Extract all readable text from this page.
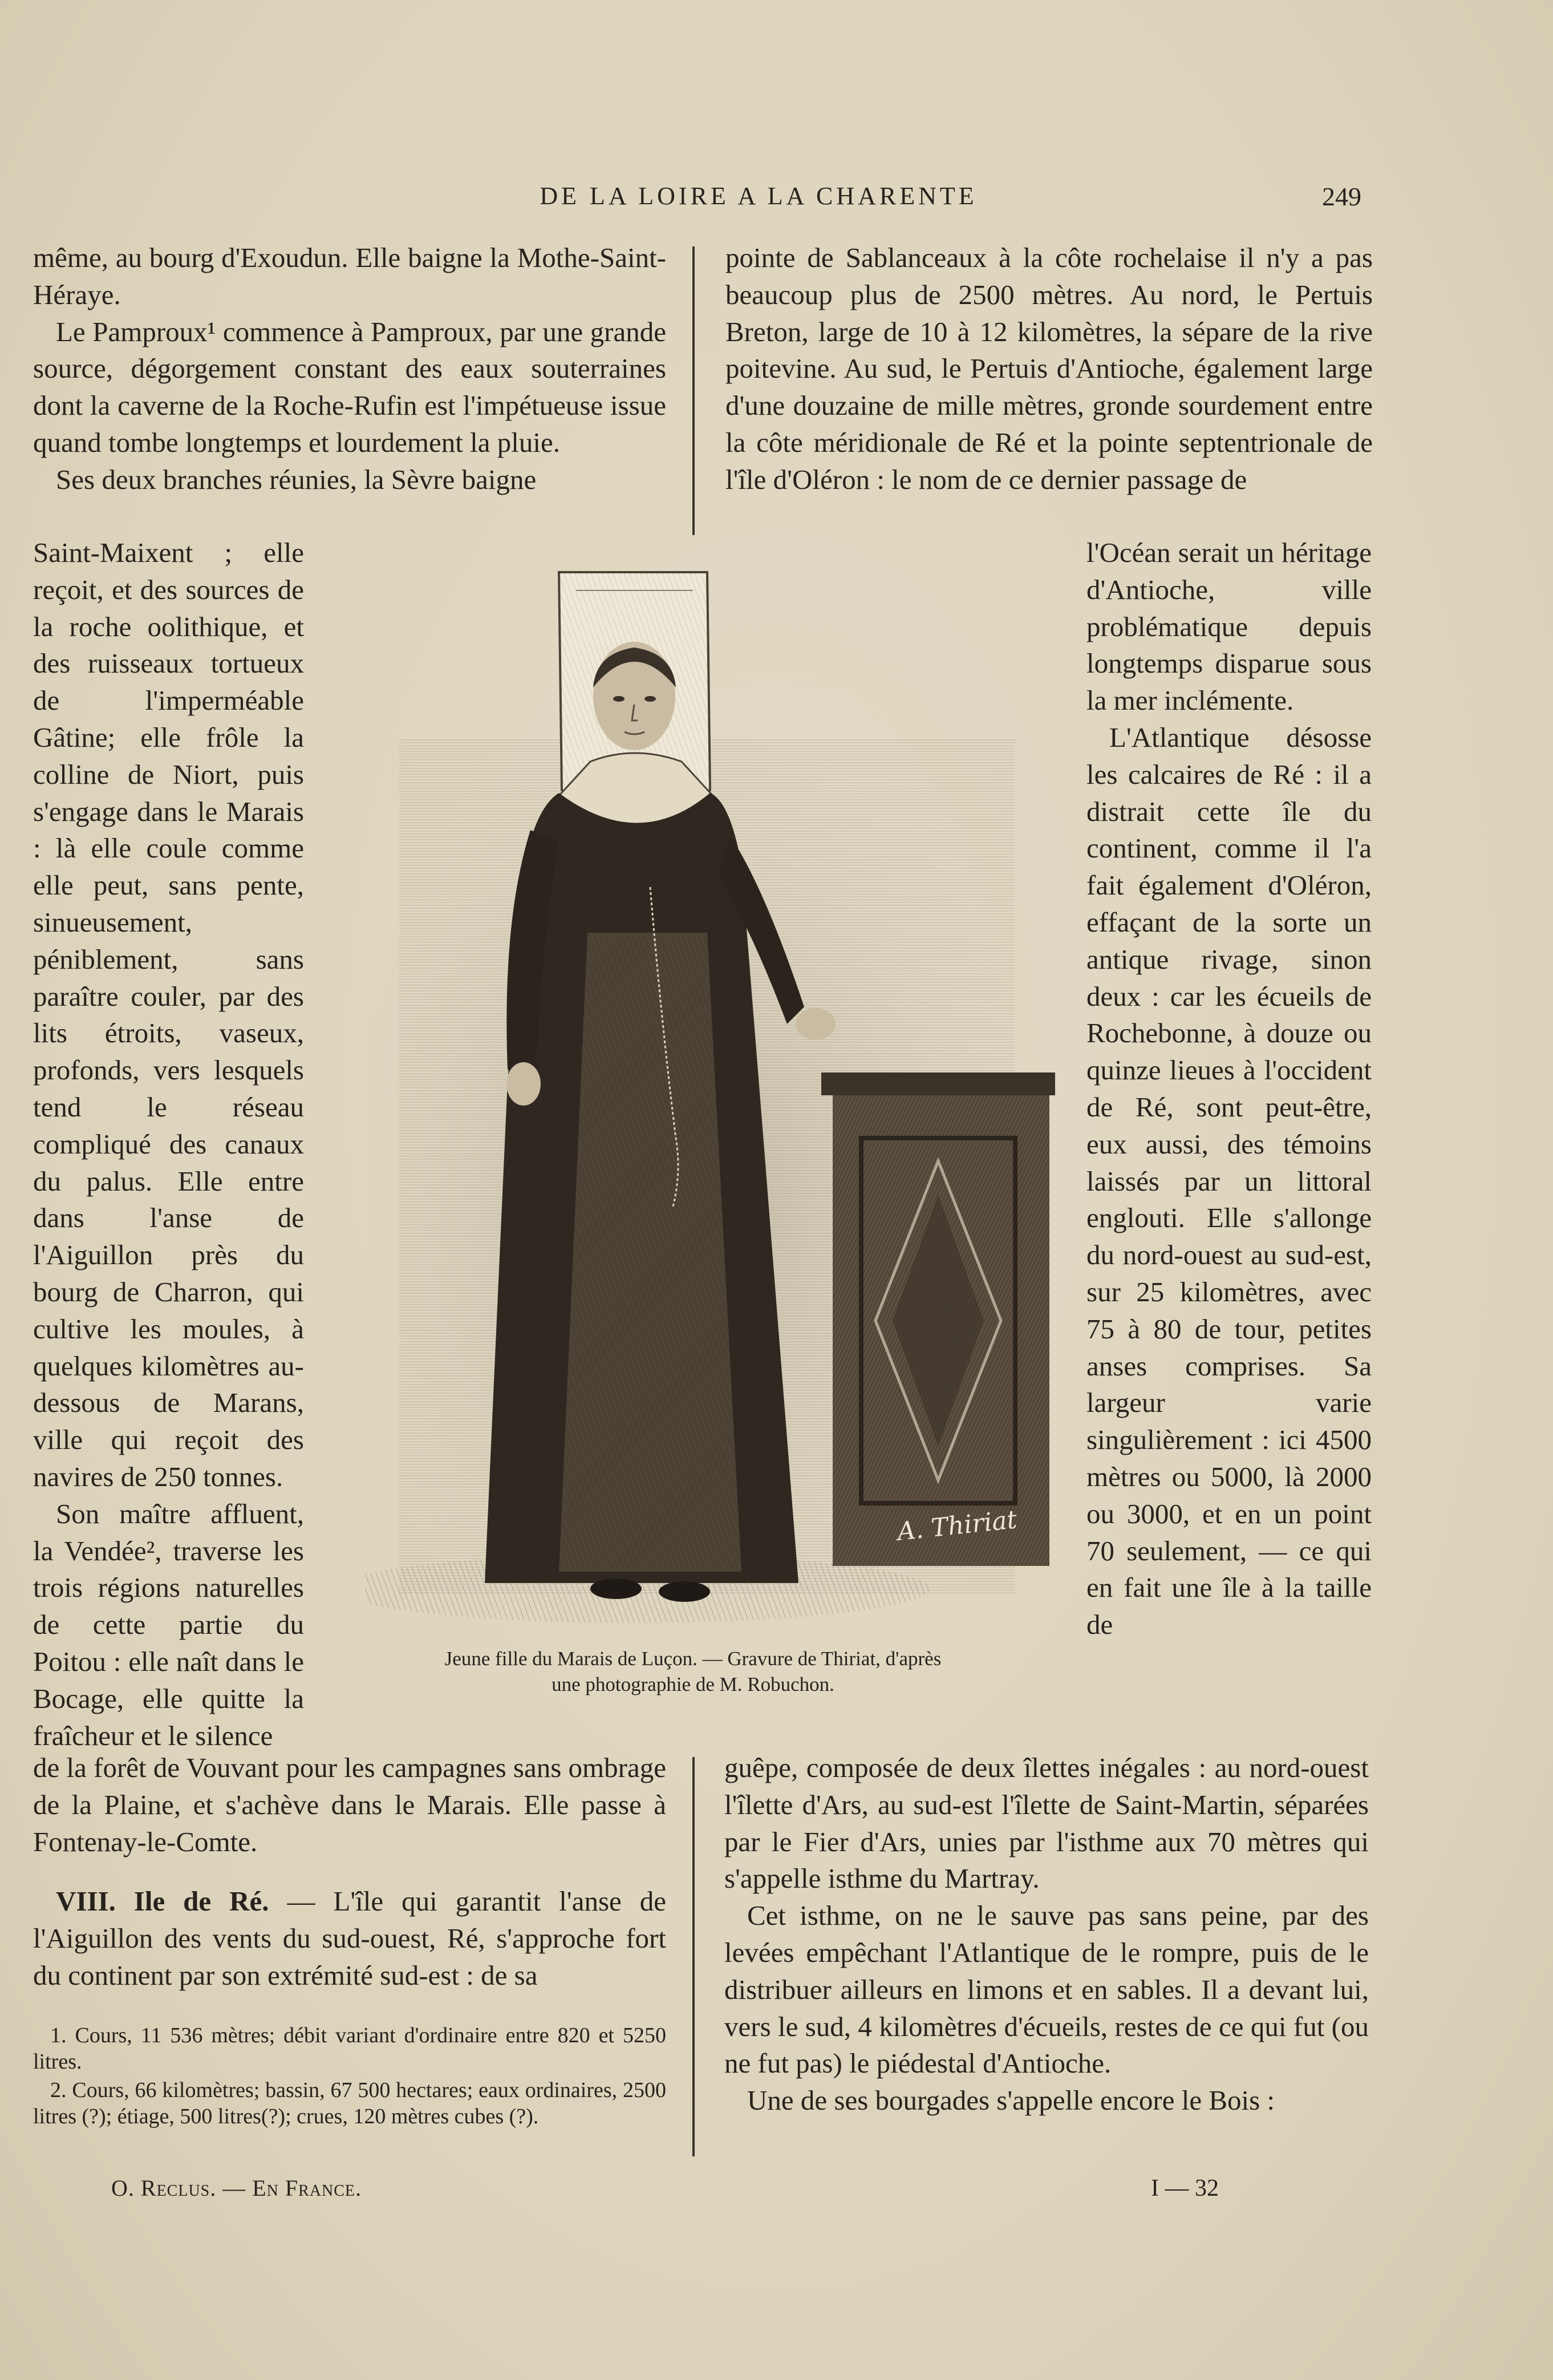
DE LA LOIRE A LA CHARENTE	249

même, au bourg d'Exoudun. Elle baigne la Mothe-Saint-Héraye.

Le Pamproux¹ commence à Pamproux, par une grande source, dégorgement constant des eaux souterraines dont la caverne de la Roche-Rufin est l'impétueuse issue quand tombe longtemps et lourdement la pluie.

Ses deux branches réunies, la Sèvre baigne

Saint-Maixent ; elle reçoit, et des sources de la roche oolithique, et des ruisseaux tortueux de l'imperméable Gâtine; elle frôle la colline de Niort, puis s'engage dans le Marais : là elle coule comme elle peut, sans pente, sinueusement, péniblement, sans paraître couler, par des lits étroits, vaseux, profonds, vers lesquels tend le réseau compliqué des canaux du palus. Elle entre dans l'anse de l'Aiguillon près du bourg de Charron, qui cultive les moules, à quelques kilomètres au-dessous de Marans, ville qui reçoit des navires de 250 tonnes.

Son maître affluent, la Vendée², traverse les trois régions naturelles de cette partie du Poitou : elle naît dans le Bocage, elle quitte la fraîcheur et le silence

de la forêt de Vouvant pour les campagnes sans ombrage de la Plaine, et s'achève dans le Marais. Elle passe à Fontenay-le-Comte.

VIII. Ile de Ré. — L'île qui garantit l'anse de l'Aiguillon des vents du sud-ouest, Ré, s'approche fort du continent par son extrémité sud-est : de sa

1. Cours, 11 536 mètres; débit variant d'ordinaire entre 820 et 5250 litres.

2. Cours, 66 kilomètres; bassin, 67 500 hectares; eaux ordinaires, 2500 litres (?); étiage, 500 litres(?); crues, 120 mètres cubes (?).

pointe de Sablanceaux à la côte rochelaise il n'y a pas beaucoup plus de 2500 mètres. Au nord, le Pertuis Breton, large de 10 à 12 kilomètres, la sépare de la rive poitevine. Au sud, le Pertuis d'Antioche, également large d'une douzaine de mille mètres, gronde sourdement entre la côte méridionale de Ré et la pointe septentrionale de l'île d'Oléron : le nom de ce dernier passage de

l'Océan serait un héritage d'Antioche, ville problématique depuis longtemps disparue sous la mer inclémente.

L'Atlantique désosse les calcaires de Ré : il a distrait cette île du continent, comme il l'a fait également d'Oléron, effaçant de la sorte un antique rivage, sinon deux : car les écueils de Rochebonne, à douze ou quinze lieues à l'occident de Ré, sont peut-être, eux aussi, des témoins laissés par un littoral englouti. Elle s'allonge du nord-ouest au sud-est, sur 25 kilomètres, avec 75 à 80 de tour, petites anses comprises. Sa largeur varie singulièrement : ici 4500 mètres ou 5000, là 2000 ou 3000, et en un point 70 seulement, — ce qui en fait une île à la taille de

guêpe, composée de deux îlettes inégales : au nord-ouest l'îlette d'Ars, au sud-est l'îlette de Saint-Martin, séparées par le Fier d'Ars, unies par l'isthme aux 70 mètres qui s'appelle isthme du Martray.

Cet isthme, on ne le sauve pas sans peine, par des levées empêchant l'Atlantique de le rompre, puis de le distribuer ailleurs en limons et en sables. Il a devant lui, vers le sud, 4 kilomètres d'écueils, restes de ce qui fut (ou ne fut pas) le piédestal d'Antioche.

Une de ses bourgades s'appelle encore le Bois :

A. Thiriat
Jeune fille du Marais de Luçon. — Gravure de Thiriat, d'après
une photographie de M. Robuchon.
O. Reclus. — En France.	I — 32
